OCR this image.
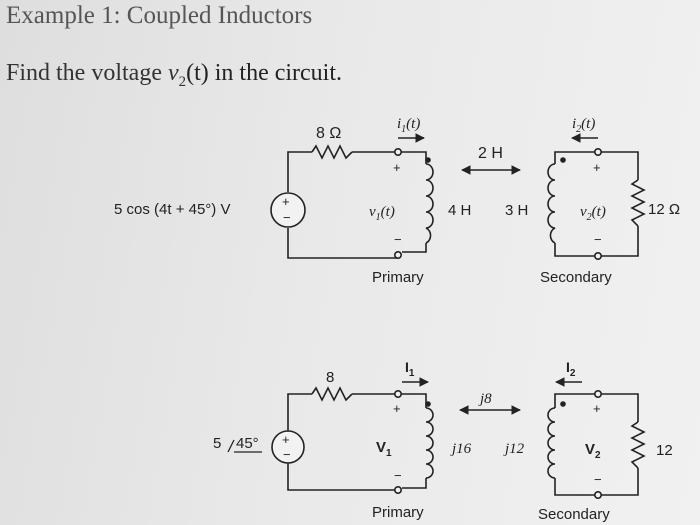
Example 1: Coupled Inductors
Find the voltage $v_2(t)$ in the circuit.
8 Ω
$i_1(t)$	$i_2(t)$
2 H
5 cos (4t + 45°) V	+
−
+
−
$v_1(t)$	4 H 3 H
+
−
$v_2(t)$	12 Ω
Primary	Secondary
8
$I_1$	$I_2$
j8
5 45° +
−
+
−
$V_1$	j16 j12
+
−
$V_2$	12
Primary	Secondary
